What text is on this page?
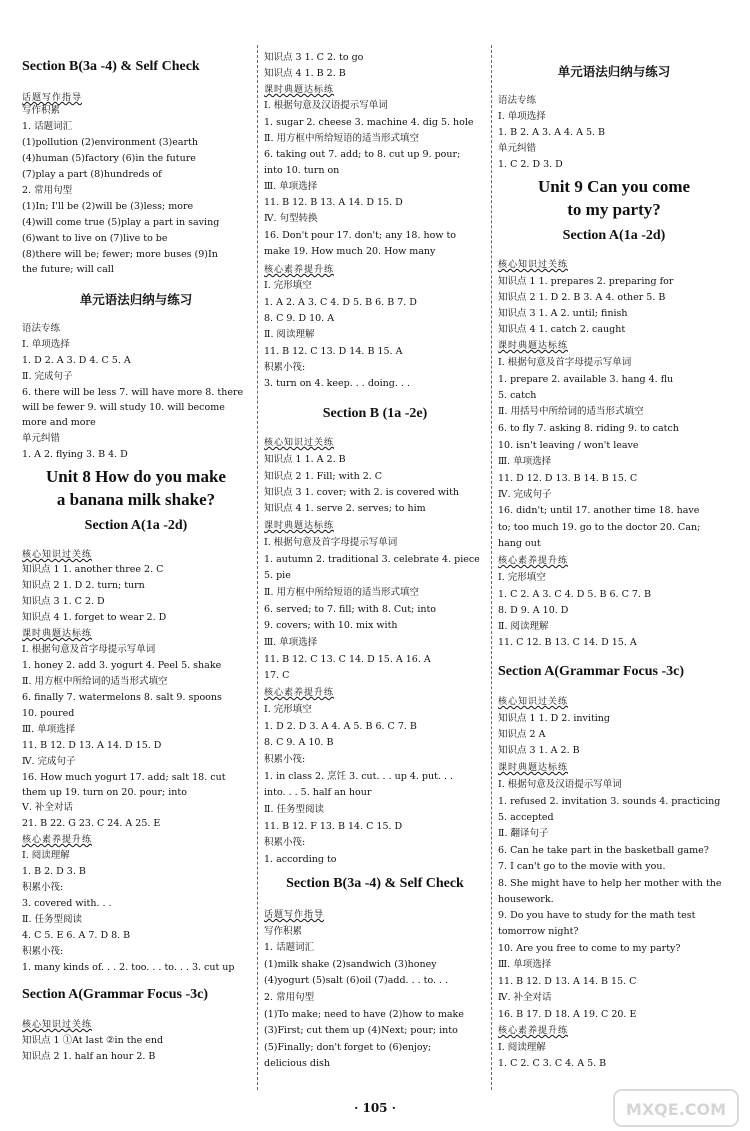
Section B(3a -4) & Self Check
话题写作指导
写作积累
1. 话题词汇
(1)pollution (2)environment (3)earth
(4)human (5)factory (6)in the future
(7)play a part (8)hundreds of
2. 常用句型
(1)In; I'll be (2)will be (3)less; more
(4)will come true (5)play a part in saving
(6)want to live on (7)live to be
(8)there will be; fewer; more buses (9)In
the future; will call
单元语法归纳与练习
语法专练
Ⅰ. 单项选择
1. D 2. A 3. D 4. C 5. A
Ⅱ. 完成句子
6. there will be less 7. will have more 8. there
will be fewer 9. will study 10. will become
more and more
单元纠错
1. A 2. flying 3. B 4. D
Unit 8 How do you make
a banana milk shake?
Section A(1a -2d)
核心知识过关练
知识点 1 1. another three 2. C
知识点 2 1. D 2. turn; turn
知识点 3 1. C 2. D
知识点 4 1. forget to wear 2. D
课时典题达标练
Ⅰ. 根据句意及首字母提示写单词
1. honey 2. add 3. yogurt 4. Peel 5. shake
Ⅱ. 用方框中所给词的适当形式填空
6. finally 7. watermelons 8. salt 9. spoons
10. poured
Ⅲ. 单项选择
11. B 12. D 13. A 14. D 15. D
Ⅳ. 完成句子
16. How much yogurt 17. add; salt 18. cut
them up 19. turn on 20. pour; into
Ⅴ. 补全对话
21. B 22. G 23. C 24. A 25. E
核心素养提升练
Ⅰ. 阅读理解
1. B 2. D 3. B
积累小筏:
3. covered with. . .
Ⅱ. 任务型阅读
4. C 5. E 6. A 7. D 8. B
积累小筏:
1. many kinds of. . . 2. too. . . to. . . 3. cut up
Section A(Grammar Focus -3c)
核心知识过关练
知识点 1 ①At last ②in the end
知识点 2 1. half an hour 2. B
知识点 3 1. C 2. to go
知识点 4 1. B 2. B
课时典题达标练
Ⅰ. 根据句意及汉语提示写单词
1. sugar 2. cheese 3. machine 4. dig 5. hole
Ⅱ. 用方框中所给短语的适当形式填空
6. taking out 7. add; to 8. cut up 9. pour;
into 10. turn on
Ⅲ. 单项选择
11. B 12. B 13. A 14. D 15. D
Ⅳ. 句型转换
16. Don't pour 17. don't; any 18. how to
make 19. How much 20. How many
核心素养提升练
Ⅰ. 完形填空
1. A 2. A 3. C 4. D 5. B 6. B 7. D
8. C 9. D 10. A
Ⅱ. 阅读理解
11. B 12. C 13. D 14. B 15. A
积累小筏:
3. turn on 4. keep. . . doing. . .
Section B (1a -2e)
核心知识过关练
知识点 1 1. A 2. B
知识点 2 1. Fill; with 2. C
知识点 3 1. cover; with 2. is covered with
知识点 4 1. serve 2. serves; to him
课时典题达标练
Ⅰ. 根据句意及首字母提示写单词
1. autumn 2. traditional 3. celebrate 4. piece
5. pie
Ⅱ. 用方框中所给短语的适当形式填空
6. served; to 7. fill; with 8. Cut; into
9. covers; with 10. mix with
Ⅲ. 单项选择
11. B 12. C 13. C 14. D 15. A 16. A
17. C
核心素养提升练
Ⅰ. 完形填空
1. D 2. D 3. A 4. A 5. B 6. C 7. B
8. C 9. A 10. B
积累小筏:
1. in class 2. 烹饪 3. cut. . . up 4. put. . .
into. . . 5. half an hour
Ⅱ. 任务型阅读
11. B 12. F 13. B 14. C 15. D
积累小筏:
1. according to
Section B(3a -4) & Self Check
话题写作指导
写作积累
1. 话题词汇
(1)milk shake (2)sandwich (3)honey
(4)yogurt (5)salt (6)oil (7)add. . . to. . .
2. 常用句型
(1)To make; need to have (2)how to make
(3)First; cut them up (4)Next; pour; into
(5)Finally; don't forget to (6)enjoy;
delicious dish
单元语法归纳与练习
语法专练
Ⅰ. 单项选择
1. B 2. A 3. A 4. A 5. B
单元纠错
1. C 2. D 3. D
Unit 9 Can you come
to my party?
Section A(1a -2d)
核心知识过关练
知识点 1 1. prepares 2. preparing for
知识点 2 1. D 2. B 3. A 4. other 5. B
知识点 3 1. A 2. until; finish
知识点 4 1. catch 2. caught
课时典题达标练
Ⅰ. 根据句意及首字母提示写单词
1. prepare 2. available 3. hang 4. flu
5. catch
Ⅱ. 用括号中所给词的适当形式填空
6. to fly 7. asking 8. riding 9. to catch
10. isn't leaving / won't leave
Ⅲ. 单项选择
11. D 12. D 13. B 14. B 15. C
Ⅳ. 完成句子
16. didn't; until 17. another time 18. have
to; too much 19. go to the doctor 20. Can;
hang out
核心素养提升练
Ⅰ. 完形填空
1. C 2. A 3. C 4. D 5. B 6. C 7. B
8. D 9. A 10. D
Ⅱ. 阅读理解
11. C 12. B 13. C 14. D 15. A
Section A(Grammar Focus -3c)
核心知识过关练
知识点 1 1. D 2. inviting
知识点 2 A
知识点 3 1. A 2. B
课时典题达标练
Ⅰ. 根据句意及汉语提示写单词
1. refused 2. invitation 3. sounds 4. practicing
5. accepted
Ⅱ. 翻译句子
6. Can he take part in the basketball game?
7. I can't go to the movie with you.
8. She might have to help her mother with the
housework.
9. Do you have to study for the math test
tomorrow night?
10. Are you free to come to my party?
Ⅲ. 单项选择
11. B 12. D 13. A 14. B 15. C
Ⅳ. 补全对话
16. B 17. D 18. A 19. C 20. E
核心素养提升练
Ⅰ. 阅读理解
1. C 2. C 3. C 4. A 5. B
· 105 ·	MXQE.COM
